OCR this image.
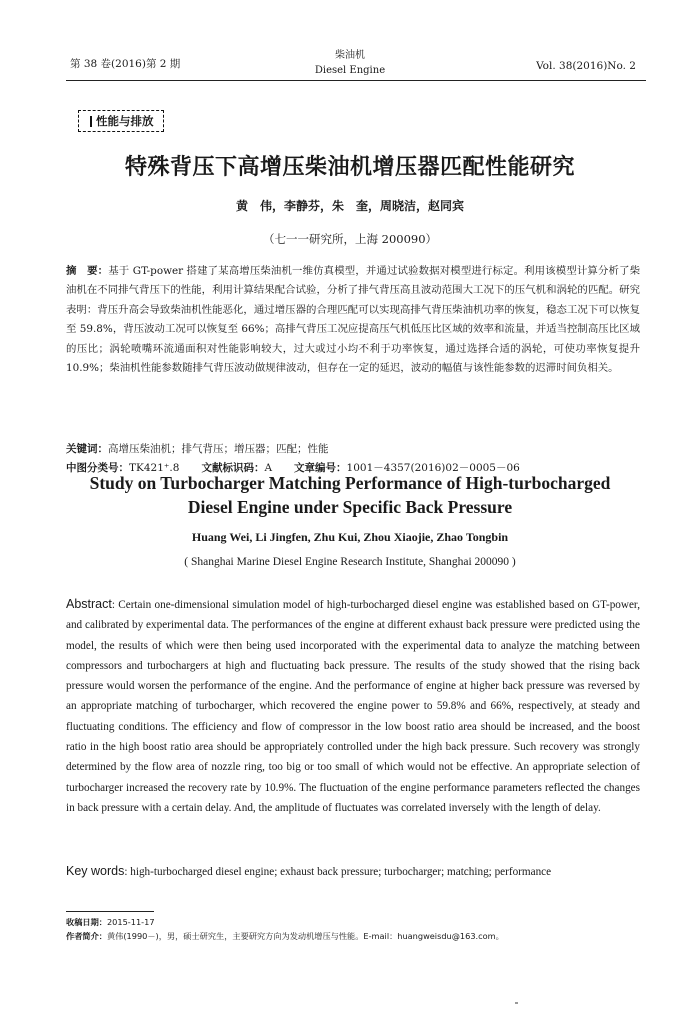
第 38 卷(2016)第 2 期
柴油机
Diesel Engine	Vol. 38(2016)No. 2
性能与排放
特殊背压下高增压柴油机增压器匹配性能研究
黄　伟，李静芬，朱　奎，周晓洁，赵同宾
（七一一研究所，上海 200090）
摘　要：基于 GT-power 搭建了某高增压柴油机一维仿真模型，并通过试验数据对模型进行标定。利用该模型计算分析了柴油机在不同排气背压下的性能，利用计算结果配合试验，分析了排气背压高且波动范围大工况下的压气机和涡轮的匹配。研究表明：背压升高会导致柴油机性能恶化，通过增压器的合理匹配可以实现高排气背压柴油机功率的恢复，稳态工况下可以恢复至 59.8%，背压波动工况可以恢复至 66%；高排气背压工况应提高压气机低压比区域的效率和流量，并适当控制高压比区域的压比；涡轮喷嘴环流通面积对性能影响较大，过大或过小均不利于功率恢复，通过选择合适的涡轮，可使功率恢复提升 10.9%；柴油机性能参数随排气背压波动做规律波动，但存在一定的延迟，波动的幅值与该性能参数的迟滞时间负相关。
关键词：高增压柴油机；排气背压；增压器；匹配；性能
中图分类号：TK421⁺.8 文献标识码：A 文章编号：1001－4357(2016)02－0005－06
Study on Turbocharger Matching Performance of High-turbocharged
Diesel Engine under Specific Back Pressure
Huang Wei, Li Jingfen, Zhu Kui, Zhou Xiaojie, Zhao Tongbin
( Shanghai Marine Diesel Engine Research Institute, Shanghai 200090 )
Abstract: Certain one-dimensional simulation model of high-turbocharged diesel engine was established based on GT-power, and calibrated by experimental data. The performances of the engine at different exhaust back pressure were predicted using the model, the results of which were then being used incorporated with the experimental data to analyze the matching between compressors and turbochargers at high and fluctuating back pressure. The results of the study showed that the rising back pressure would worsen the performance of the engine. And the performance of engine at higher back pressure was reversed by an appropriate matching of turbocharger, which recovered the engine power to 59.8% and 66%, respectively, at steady and fluctuating conditions. The efficiency and flow of compressor in the low boost ratio area should be increased, and the boost ratio in the high boost ratio area should be appropriately controlled under the high back pressure. Such recovery was strongly determined by the flow area of nozzle ring, too big or too small of which would not be effective. An appropriate selection of turbocharger increased the recovery rate by 10.9%. The fluctuation of the engine performance parameters reflected the changes in back pressure with a certain delay. And, the amplitude of fluctuates was correlated inversely with the length of delay.
Key words: high-turbocharged diesel engine; exhaust back pressure; turbocharger; matching; performance
收稿日期：2015-11-17
作者简介：黄伟(1990－)，男，硕士研究生，主要研究方向为发动机增压与性能。E-mail：huangweisdu@163.com。
